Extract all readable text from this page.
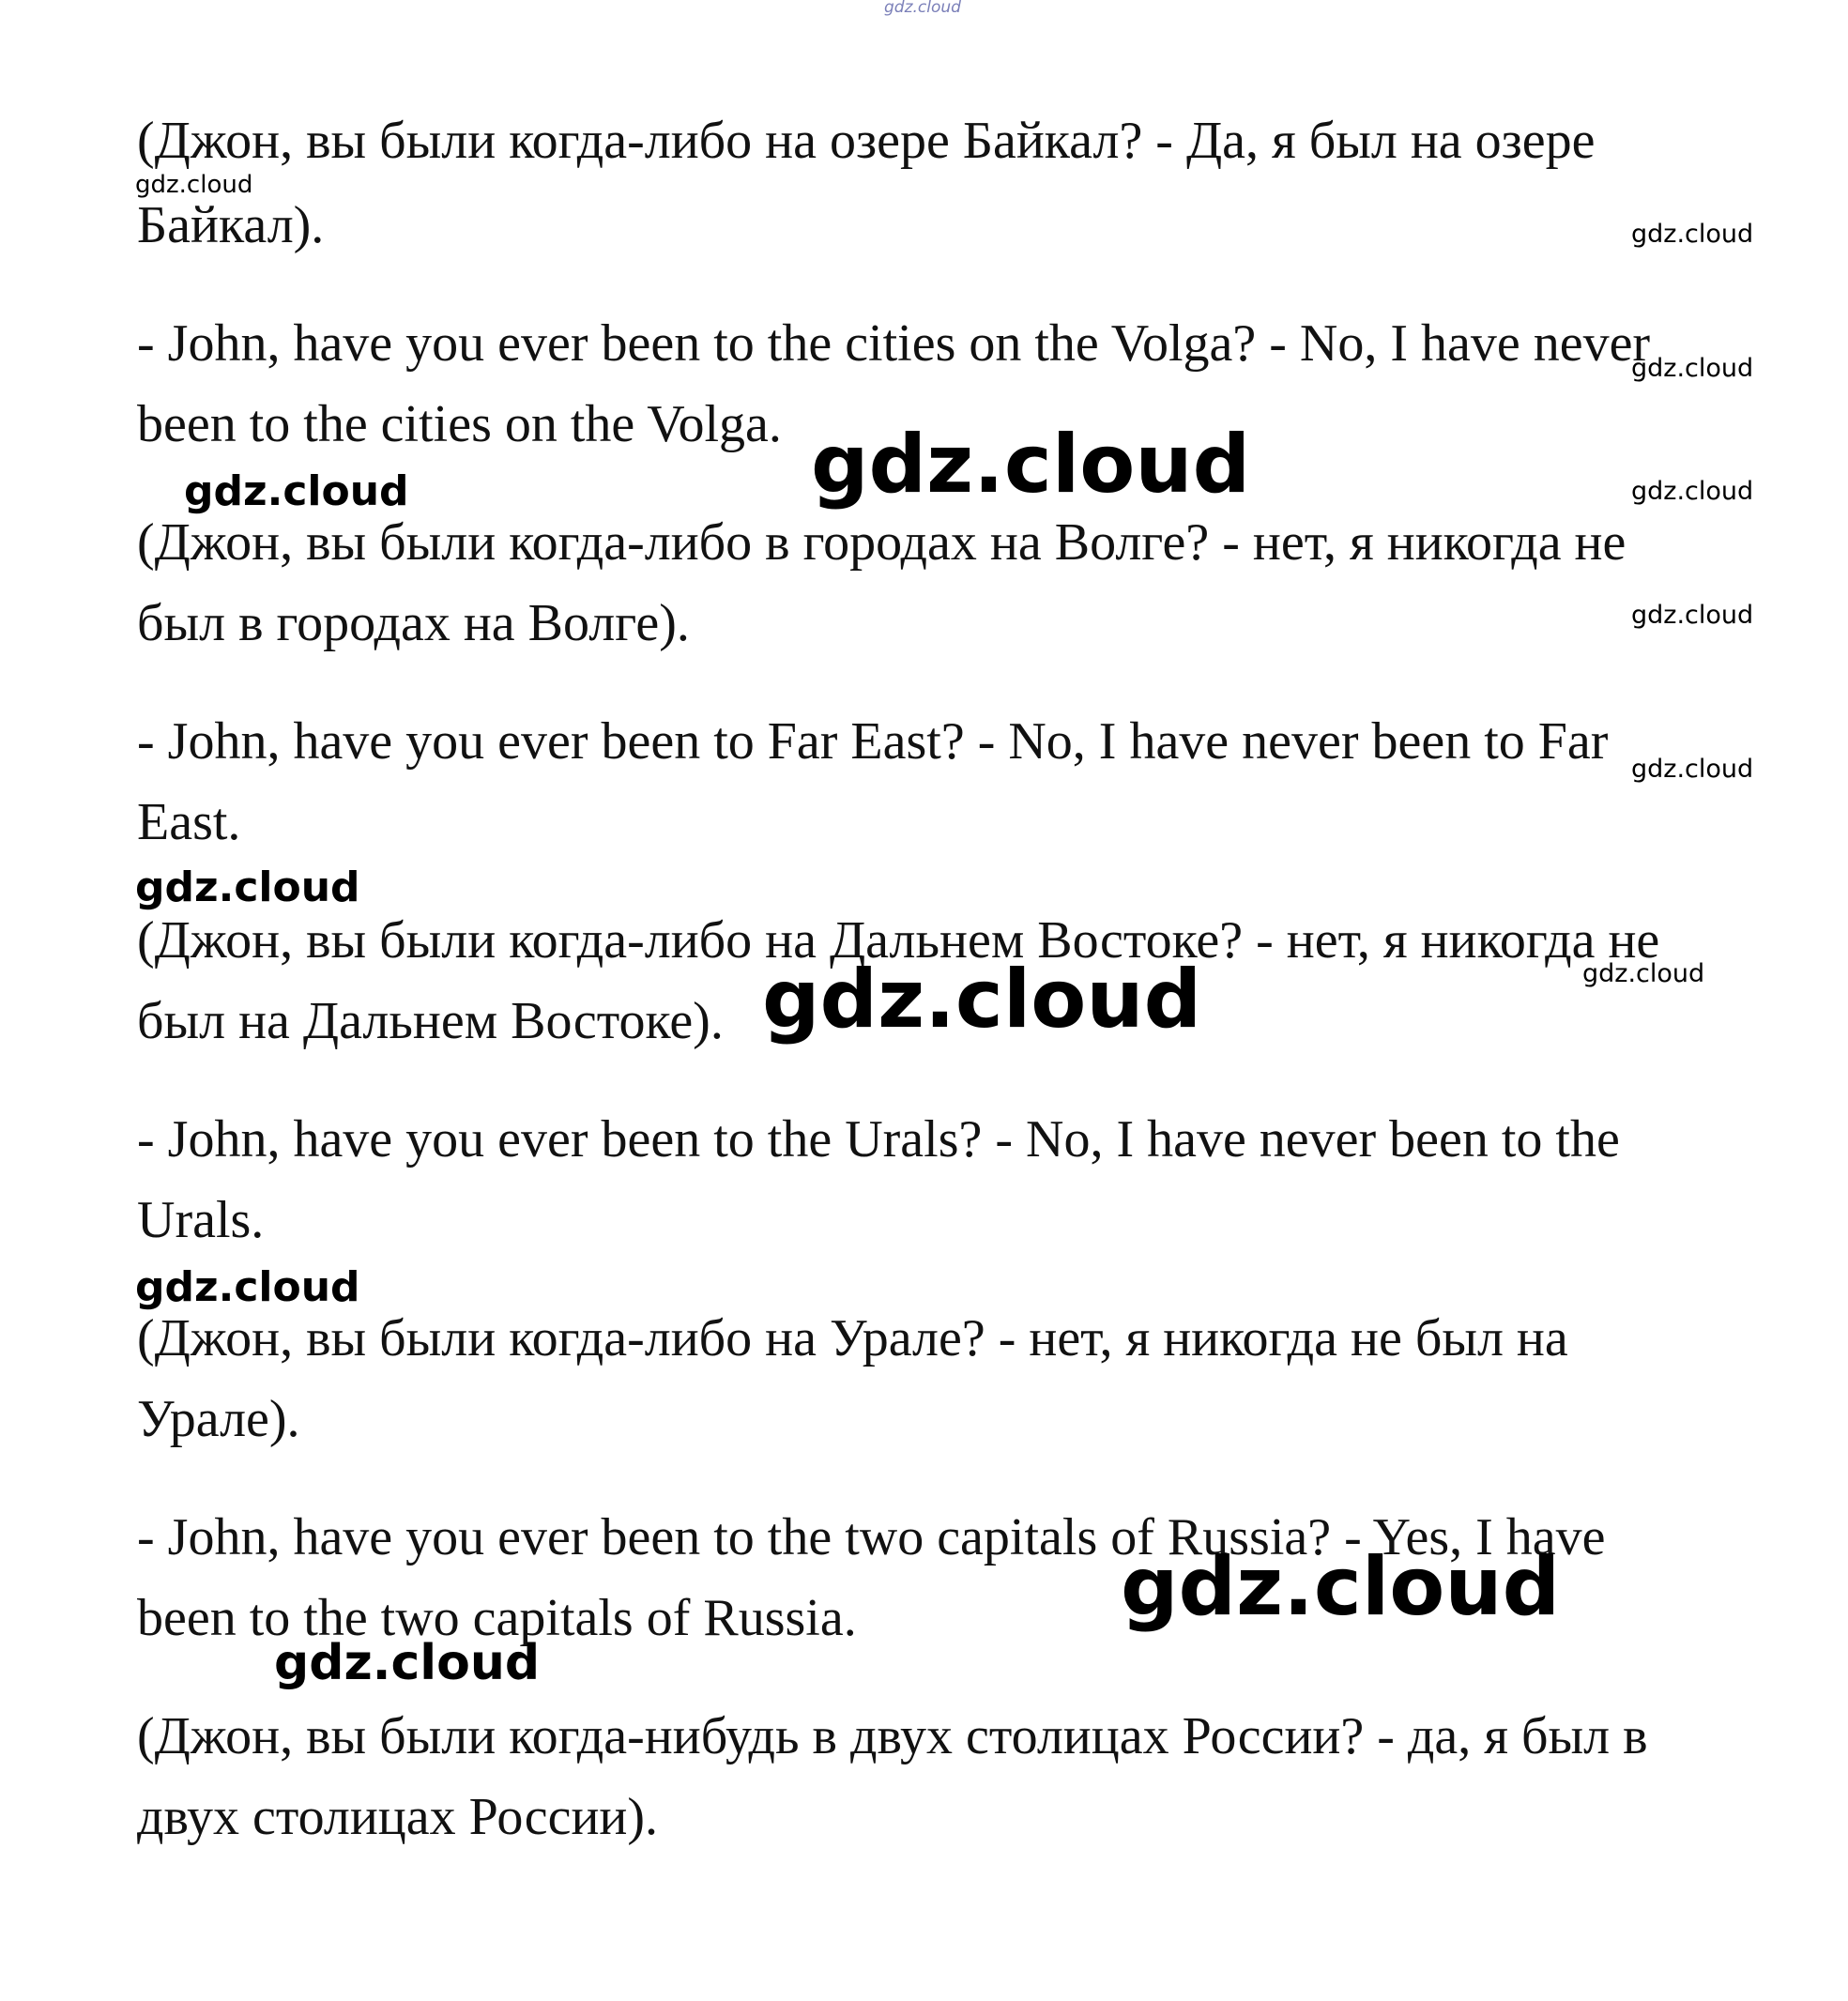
gdz.cloud

(Джон, вы были когда-либо на озере Байкал? - Да, я был на озере

Байкал).

- John, have you ever been to the cities on the Volga? - No, I have never

been to the cities on the Volga.

(Джон, вы были когда-либо в городах на Волге? - нет, я никогда не

был в городах на Волге).

- John, have you ever been to Far East? - No, I have never been to Far

East.

(Джон, вы были когда-либо на Дальнем Востоке? - нет, я никогда не

был на Дальнем Востоке).

- John, have you ever been to the Urals? - No, I have never been to the

Urals.

(Джон, вы были когда-либо на Урале? - нет, я никогда не был на

Урале).

- John, have you ever been to the two capitals of Russia? - Yes, I have

been to the two capitals of Russia.

(Джон, вы были когда-нибудь в двух столицах России? - да, я был в

двух столицах России).

gdz.cloud
gdz.cloud
gdz.cloud
gdz.cloud	gdz.cloud	gdz.cloud
gdz.cloud
gdz.cloud
gdz.cloud
gdz.cloud
gdz.cloud
gdz.cloud
gdz.cloud
gdz.cloud
